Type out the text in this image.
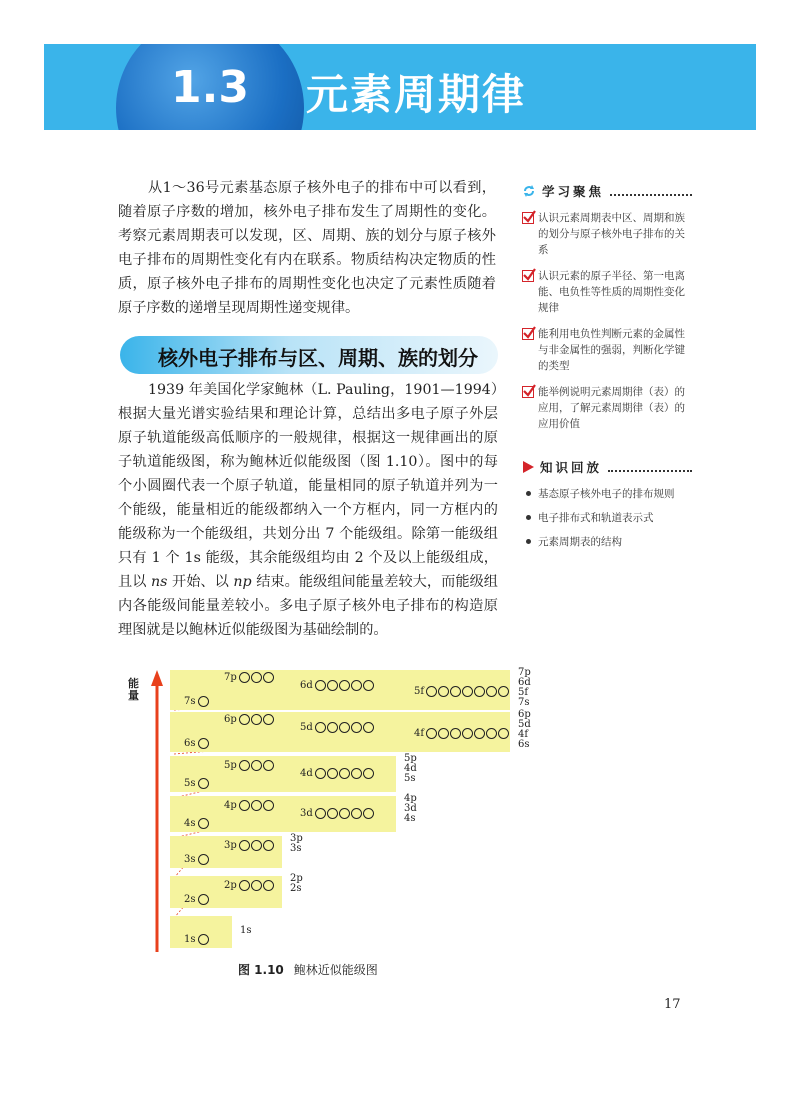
1.3	元素周期律
从1～36号元素基态原子核外电子的排布中可以看到，随着原子序数的增加，核外电子排布发生了周期性的变化。考察元素周期表可以发现，区、周期、族的划分与原子核外电子排布的周期性变化有内在联系。物质结构决定物质的性质，原子核外电子排布的周期性变化也决定了元素性质随着原子序数的递增呈现周期性递变规律。
核外电子排布与区、周期、族的划分
1939 年美国化学家鲍林（L. Pauling，1901—1994）根据大量光谱实验结果和理论计算，总结出多电子原子外层原子轨道能级高低顺序的一般规律，根据这一规律画出的原子轨道能级图，称为鲍林近似能级图（图 1.10）。图中的每个小圆圈代表一个原子轨道，能量相同的原子轨道并列为一个能级，能量相近的能级都纳入一个方框内，同一方框内的能级称为一个能级组，共划分出 7 个能级组。除第一能级组只有 1 个 1s 能级，其余能级组均由 2 个及以上能级组成，且以 ns 开始、以 np 结束。能级组间能量差较大，而能级组内各能级间能量差较小。多电子原子核外电子排布的构造原理图就是以鲍林近似能级图为基础绘制的。
学习聚焦
认识元素周期表中区、周期和族的划分与原子核外电子排布的关系
认识元素的原子半径、第一电离能、电负性等性质的周期性变化规律
能利用电负性判断元素的金属性与非金属性的强弱，判断化学键的类型
能举例说明元素周期律（表）的应用，了解元素周期律（表）的应用价值
知识回放
基态原子核外电子的排布规则
电子排布式和轨道表示式
元素周期表的结构
能量
1s
1s
2s
2p
2p
2s
3s
3p
3p
3s
4s
3d
4p
4p
3d
4s
5s
4d
5p
5p
4d
5s
6s
4f
5d
6p	6p
5d
4f
6s
7s
5f
6d
7p	7p
6d
5f
7s
图 1.10 鲍林近似能级图
17
